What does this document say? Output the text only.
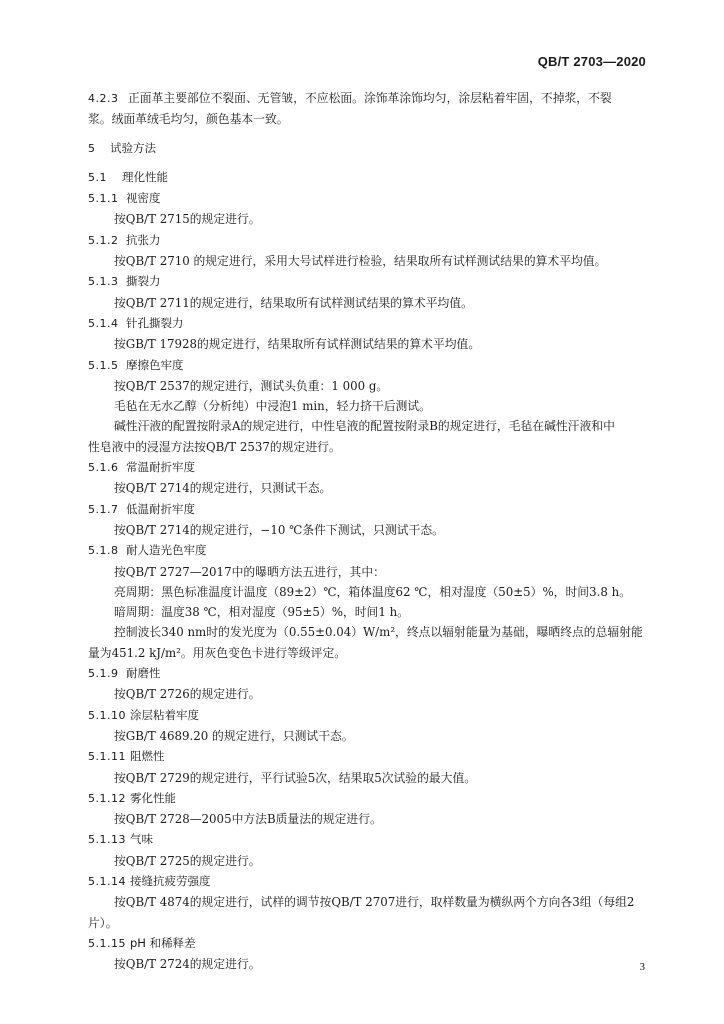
QB/T 2703—2020
4.2.3 正面革主要部位不裂面、无管皱，不应松面。涂饰革涂饰均匀，涂层粘着牢固，不掉浆，不裂
浆。绒面革绒毛均匀，颜色基本一致。
5 试验方法
5.1 理化性能
5.1.1 视密度
按QB/T 2715的规定进行。
5.1.2 抗张力
按QB/T 2710 的规定进行，采用大号试样进行检验，结果取所有试样测试结果的算术平均值。
5.1.3 撕裂力
按QB/T 2711的规定进行，结果取所有试样测试结果的算术平均值。
5.1.4 针孔撕裂力
按GB/T 17928的规定进行，结果取所有试样测试结果的算术平均值。
5.1.5 摩擦色牢度
按QB/T 2537的规定进行，测试头负重：1 000 g。
毛毡在无水乙醇（分析纯）中浸泡1 min，轻力挤干后测试。
碱性汗液的配置按附录A的规定进行，中性皂液的配置按附录B的规定进行，毛毡在碱性汗液和中
性皂液中的浸湿方法按QB/T 2537的规定进行。
5.1.6 常温耐折牢度
按QB/T 2714的规定进行，只测试干态。
5.1.7 低温耐折牢度
按QB/T 2714的规定进行，−10 ℃条件下测试，只测试干态。
5.1.8 耐人造光色牢度
按QB/T 2727—2017中的曝晒方法五进行，其中：
亮周期：黑色标准温度计温度（89±2）℃，箱体温度62 ℃，相对湿度（50±5）%，时间3.8 h。
暗周期：温度38 ℃，相对湿度（95±5）%，时间1 h。
控制波长340 nm时的发光度为（0.55±0.04）W/m²，终点以辐射能量为基础，曝晒终点的总辐射能
量为451.2 kJ/m²。用灰色变色卡进行等级评定。
5.1.9 耐磨性
按QB/T 2726的规定进行。
5.1.10 涂层粘着牢度
按GB/T 4689.20 的规定进行，只测试干态。
5.1.11 阻燃性
按QB/T 2729的规定进行，平行试验5次，结果取5次试验的最大值。
5.1.12 雾化性能
按QB/T 2728—2005中方法B质量法的规定进行。
5.1.13 气味
按QB/T 2725的规定进行。
5.1.14 接缝抗疲劳强度
按QB/T 4874的规定进行，试样的调节按QB/T 2707进行，取样数量为横纵两个方向各3组（每组2
片）。
5.1.15 pH 和稀释差
按QB/T 2724的规定进行。	3
